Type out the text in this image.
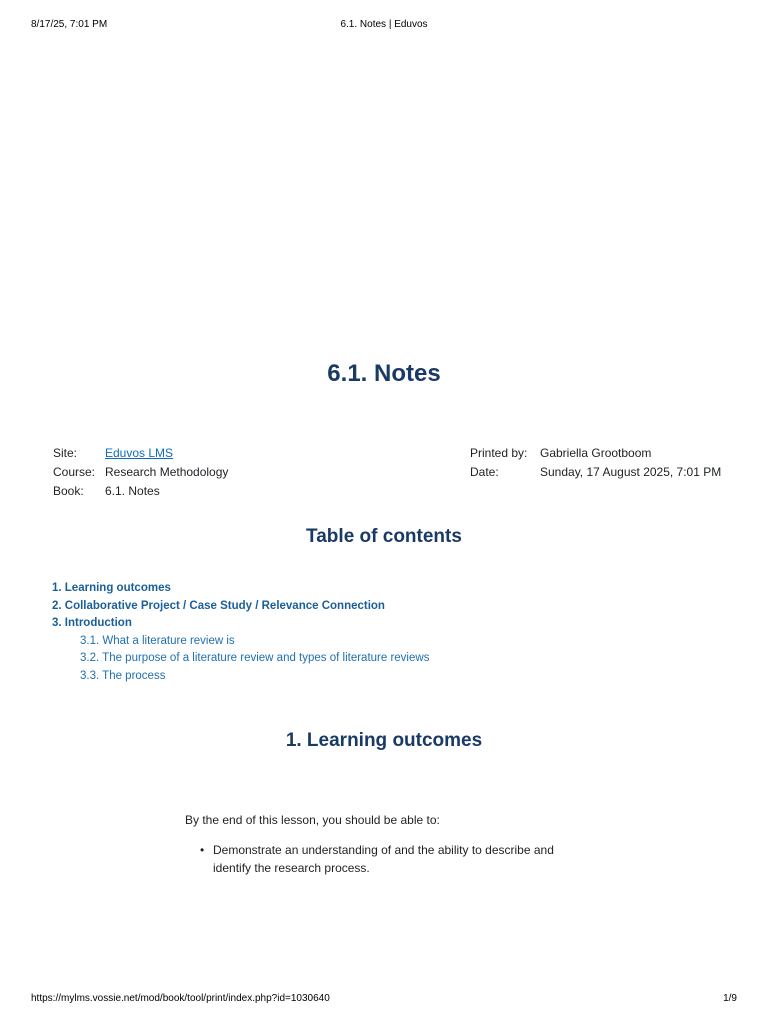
8/17/25, 7:01 PM	6.1. Notes | Eduvos
6.1. Notes
Site: Eduvos LMS
Course: Research Methodology
Book: 6.1. Notes
Printed by: Gabriella Grootboom
Date:	Sunday, 17 August 2025, 7:01 PM
Table of contents
1. Learning outcomes
2. Collaborative Project / Case Study / Relevance Connection
3. Introduction
3.1. What a literature review is
3.2. The purpose of a literature review and types of literature reviews
3.3. The process
1. Learning outcomes

By the end of this lesson, you should be able to:

• Demonstrate an understanding of and the ability to describe and identify the research process.
https://mylms.vossie.net/mod/book/tool/print/index.php?id=1030640	1/9
